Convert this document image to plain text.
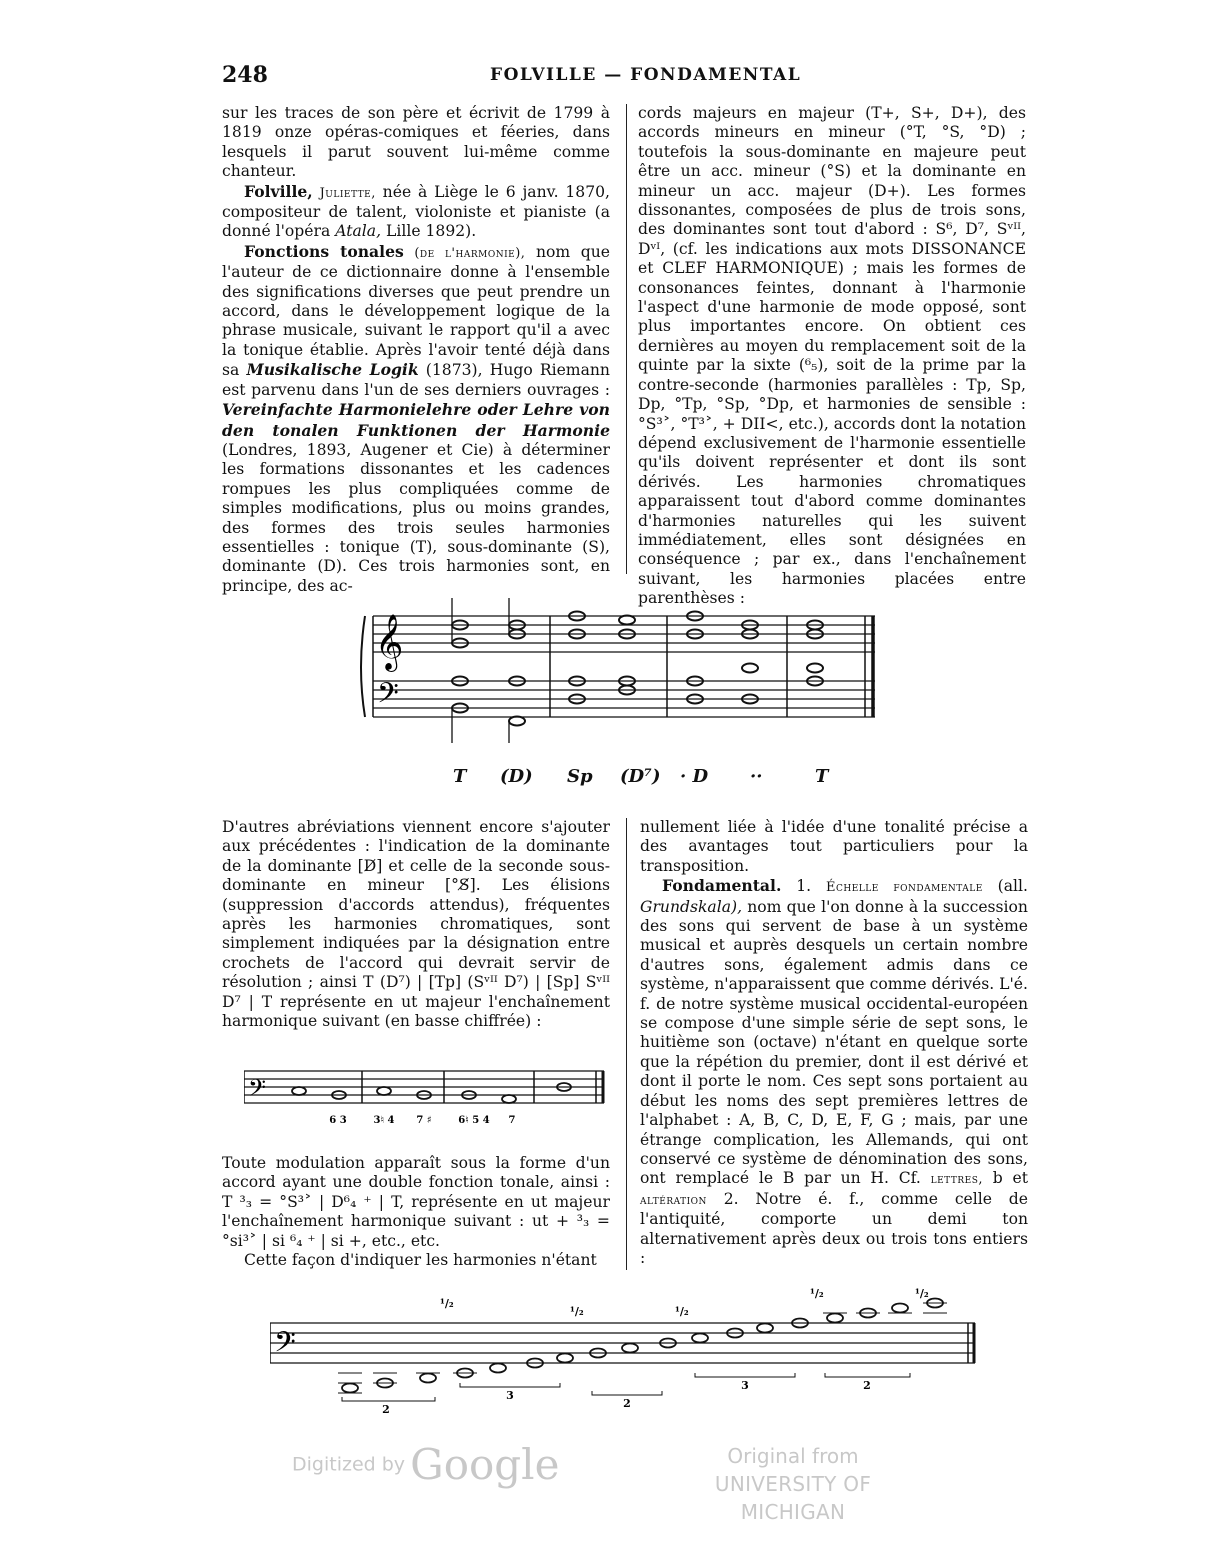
248	FOLVILLE — FONDAMENTAL

sur les traces de son père et écrivit de 1799 à 1819 onze opéras-comiques et féeries, dans lesquels il parut souvent lui-même comme chanteur.

Folville, Juliette, née à Liège le 6 janv. 1870, compositeur de talent, violoniste et pianiste (a donné l'opéra Atala, Lille 1892).

Fonctions tonales (de l'harmonie), nom que l'auteur de ce dictionnaire donne à l'ensemble des significations diverses que peut prendre un accord, dans le développement logique de la phrase musicale, suivant le rapport qu'il a avec la tonique établie. Après l'avoir tenté déjà dans sa Musikalische Logik (1873), Hugo Riemann est parvenu dans l'un de ses derniers ouvrages : Vereinfachte Harmonielehre oder Lehre von den tonalen Funktionen der Harmonie (Londres, 1893, Augener et Cie) à déterminer les formations dissonantes et les cadences rompues les plus compliquées comme de simples modifications, plus ou moins grandes, des formes des trois seules harmonies essentielles : tonique (T), sous-dominante (S), dominante (D). Ces trois harmonies sont, en principe, des ac-

cords majeurs en majeur (T+, S+, D+), des accords mineurs en mineur (°T, °S, °D) ; toutefois la sous-dominante en majeure peut être un acc. mineur (°S) et la dominante en mineur un acc. majeur (D+). Les formes dissonantes, composées de plus de trois sons, des dominantes sont tout d'abord : S⁶, D⁷, Sᵛᴵᴵ, Dᵛᴵ, (cf. les indications aux mots DISSONANCE et CLEF HARMONIQUE) ; mais les formes de consonances feintes, donnant à l'harmonie l'aspect d'une harmonie de mode opposé, sont plus importantes encore. On obtient ces dernières au moyen du remplacement soit de la quinte par la sixte (⁶₅), soit de la prime par la contre-seconde (harmonies parallèles : Tp, Sp, Dp, °Tp, °Sp, °Dp, et harmonies de sensible : °S³˃, °T³˃, + DII<, etc.), accords dont la notation dépend exclusivement de l'harmonie essentielle qu'ils doivent représenter et dont ils sont dérivés. Les harmonies chromatiques apparaissent tout d'abord comme dominantes d'harmonies naturelles qui les suivent immédiatement, elles sont désignées en conséquence ; par ex., dans l'enchaînement suivant, les harmonies placées entre parenthèses :

𝄞
𝄢
T (D) Sp (D⁷) · D ··	T

D'autres abréviations viennent encore s'ajouter aux précédentes : l'indication de la dominante de la dominante [D̸] et celle de la seconde sous-dominante en mineur [°S̸]. Les élisions (suppression d'accords attendus), fréquentes après les harmonies chromatiques, sont simplement indiquées par la désignation entre crochets de l'accord qui devrait servir de résolution ; ainsi T (D⁷) | [Tp] (Sᵛᴵᴵ D⁷) | [Sp] Sᵛᴵᴵ D⁷ | T représente en ut majeur l'enchaînement harmonique suivant (en basse chiffrée) :

𝄢
6 3	3♮ 4 7 ♯	6♮ 5 4 7

Toute modulation apparaît sous la forme d'un accord ayant une double fonction tonale, ainsi : T ³₃ = °S³˃ | D⁶₄ ⁺ | T, représente en ut majeur l'enchaînement harmonique suivant : ut + ³₃ = °si³˃ | si ⁶₄ ⁺ | si +, etc., etc.

Cette façon d'indiquer les harmonies n'étant

nullement liée à l'idée d'une tonalité précise a des avantages tout particuliers pour la transposition.

Fondamental. 1. Échelle fondamentale (all. Grundskala), nom que l'on donne à la succession des sons qui servent de base à un système musical et auprès desquels un certain nombre d'autres sons, également admis dans ce système, n'apparaissent que comme dérivés. L'é. f. de notre système musical occidental-européen se compose d'une simple série de sept sons, le huitième son (octave) n'étant en quelque sorte que la répétion du premier, dont il est dérivé et dont il porte le nom. Ces sept sons portaient au début les noms des sept premières lettres de l'alphabet : A, B, C, D, E, F, G ; mais, par une étrange complication, les Allemands, qui ont conservé ce système de dénomination des sons, ont remplacé le B par un H. Cf. lettres, b et altération 2. Notre é. f., comme celle de l'antiquité, comporte un demi ton alternativement après deux ou trois tons entiers :

𝄢
¹/₂
¹/₂	¹/₂
¹/₂	¹/₂
2
3
2
3	2
Digitized by Google	Original from
UNIVERSITY OF MICHIGAN
